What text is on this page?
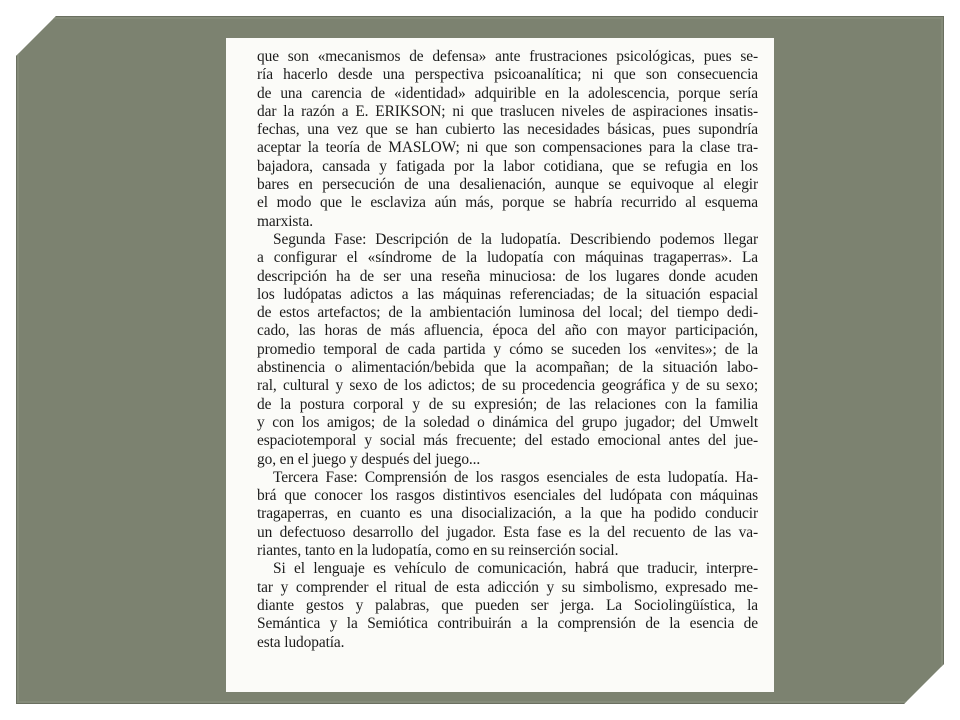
que son «mecanismos de defensa» ante frustraciones psicológicas, pues se-
ría hacerlo desde una perspectiva psicoanalítica; ni que son consecuencia
de una carencia de «identidad» adquirible en la adolescencia, porque sería
dar la razón a E. ERIKSON; ni que traslucen niveles de aspiraciones insatis-
fechas, una vez que se han cubierto las necesidades básicas, pues supondría
aceptar la teoría de MASLOW; ni que son compensaciones para la clase tra-
bajadora, cansada y fatigada por la labor cotidiana, que se refugia en los
bares en persecución de una desalienación, aunque se equivoque al elegir
el modo que le esclaviza aún más, porque se habría recurrido al esquema
marxista.
Segunda Fase: Descripción de la ludopatía. Describiendo podemos llegar
a configurar el «síndrome de la ludopatía con máquinas tragaperras». La
descripción ha de ser una reseña minuciosa: de los lugares donde acuden
los ludópatas adictos a las máquinas referenciadas; de la situación espacial
de estos artefactos; de la ambientación luminosa del local; del tiempo dedi-
cado, las horas de más afluencia, época del año con mayor participación,
promedio temporal de cada partida y cómo se suceden los «envites»; de la
abstinencia o alimentación/bebida que la acompañan; de la situación labo-
ral, cultural y sexo de los adictos; de su procedencia geográfica y de su sexo;
de la postura corporal y de su expresión; de las relaciones con la familia
y con los amigos; de la soledad o dinámica del grupo jugador; del Umwelt
espaciotemporal y social más frecuente; del estado emocional antes del jue-
go, en el juego y después del juego...
Tercera Fase: Comprensión de los rasgos esenciales de esta ludopatía. Ha-
brá que conocer los rasgos distintivos esenciales del ludópata con máquinas
tragaperras, en cuanto es una disocialización, a la que ha podido conducir
un defectuoso desarrollo del jugador. Esta fase es la del recuento de las va-
riantes, tanto en la ludopatía, como en su reinserción social.
Si el lenguaje es vehículo de comunicación, habrá que traducir, interpre-
tar y comprender el ritual de esta adicción y su simbolismo, expresado me-
diante gestos y palabras, que pueden ser jerga. La Sociolingüística, la
Semántica y la Semiótica contribuirán a la comprensión de la esencia de
esta ludopatía.
